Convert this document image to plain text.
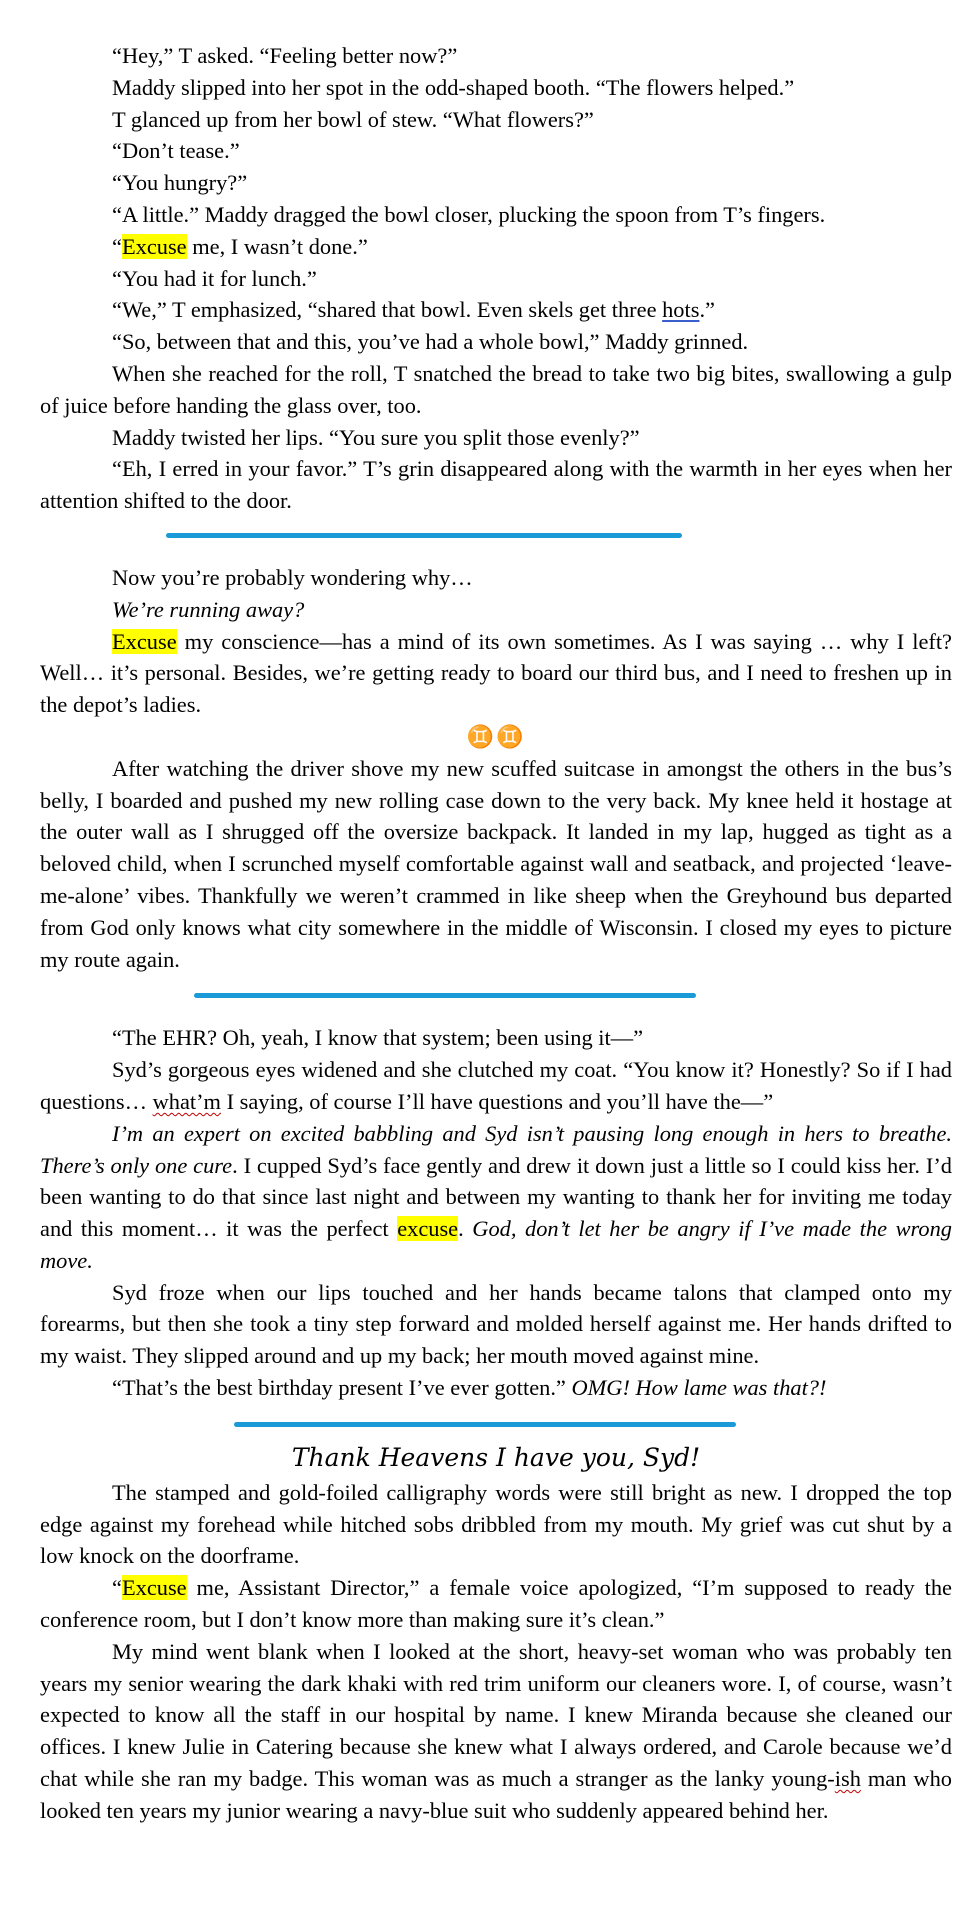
“Hey,” T asked. “Feeling better now?”

Maddy slipped into her spot in the odd-shaped booth. “The flowers helped.”

T glanced up from her bowl of stew. “What flowers?”

“Don’t tease.”

“You hungry?”

“A little.” Maddy dragged the bowl closer, plucking the spoon from T’s fingers.

“Excuse me, I wasn’t done.”

“You had it for lunch.”

“We,” T emphasized, “shared that bowl. Even skels get three hots.”

“So, between that and this, you’ve had a whole bowl,” Maddy grinned.

When she reached for the roll, T snatched the bread to take two big bites, swallowing a gulp of juice before handing the glass over, too.

Maddy twisted her lips. “You sure you split those evenly?”

“Eh, I erred in your favor.” T’s grin disappeared along with the warmth in her eyes when her attention shifted to the door.

Now you’re probably wondering why…

We’re running away?

Excuse my conscience—has a mind of its own sometimes. As I was saying … why I left? Well… it’s personal. Besides, we’re getting ready to board our third bus, and I need to freshen up in the depot’s ladies.

♊♊

After watching the driver shove my new scuffed suitcase in amongst the others in the bus’s belly, I boarded and pushed my new rolling case down to the very back. My knee held it hostage at the outer wall as I shrugged off the oversize backpack. It landed in my lap, hugged as tight as a beloved child, when I scrunched myself comfortable against wall and seatback, and projected ‘leave-me-alone’ vibes. Thankfully we weren’t crammed in like sheep when the Greyhound bus departed from God only knows what city somewhere in the middle of Wisconsin. I closed my eyes to picture my route again.

“The EHR? Oh, yeah, I know that system; been using it—”

Syd’s gorgeous eyes widened and she clutched my coat. “You know it? Honestly? So if I had questions… what’m I saying, of course I’ll have questions and you’ll have the—”

I’m an expert on excited babbling and Syd isn’t pausing long enough in hers to breathe. There’s only one cure. I cupped Syd’s face gently and drew it down just a little so I could kiss her. I’d been wanting to do that since last night and between my wanting to thank her for inviting me today and this moment… it was the perfect excuse. God, don’t let her be angry if I’ve made the wrong move.

Syd froze when our lips touched and her hands became talons that clamped onto my forearms, but then she took a tiny step forward and molded herself against me. Her hands drifted to my waist. They slipped around and up my back; her mouth moved against mine.

“That’s the best birthday present I’ve ever gotten.” OMG! How lame was that?!

Thank Heavens I have you, Syd!

The stamped and gold-foiled calligraphy words were still bright as new. I dropped the top edge against my forehead while hitched sobs dribbled from my mouth. My grief was cut shut by a low knock on the doorframe.

“Excuse me, Assistant Director,” a female voice apologized, “I’m supposed to ready the conference room, but I don’t know more than making sure it’s clean.”

My mind went blank when I looked at the short, heavy-set woman who was probably ten years my senior wearing the dark khaki with red trim uniform our cleaners wore. I, of course, wasn’t expected to know all the staff in our hospital by name. I knew Miranda because she cleaned our offices. I knew Julie in Catering because she knew what I always ordered, and Carole because we’d chat while she ran my badge. This woman was as much a stranger as the lanky young-ish man who looked ten years my junior wearing a navy-blue suit who suddenly appeared behind her.
